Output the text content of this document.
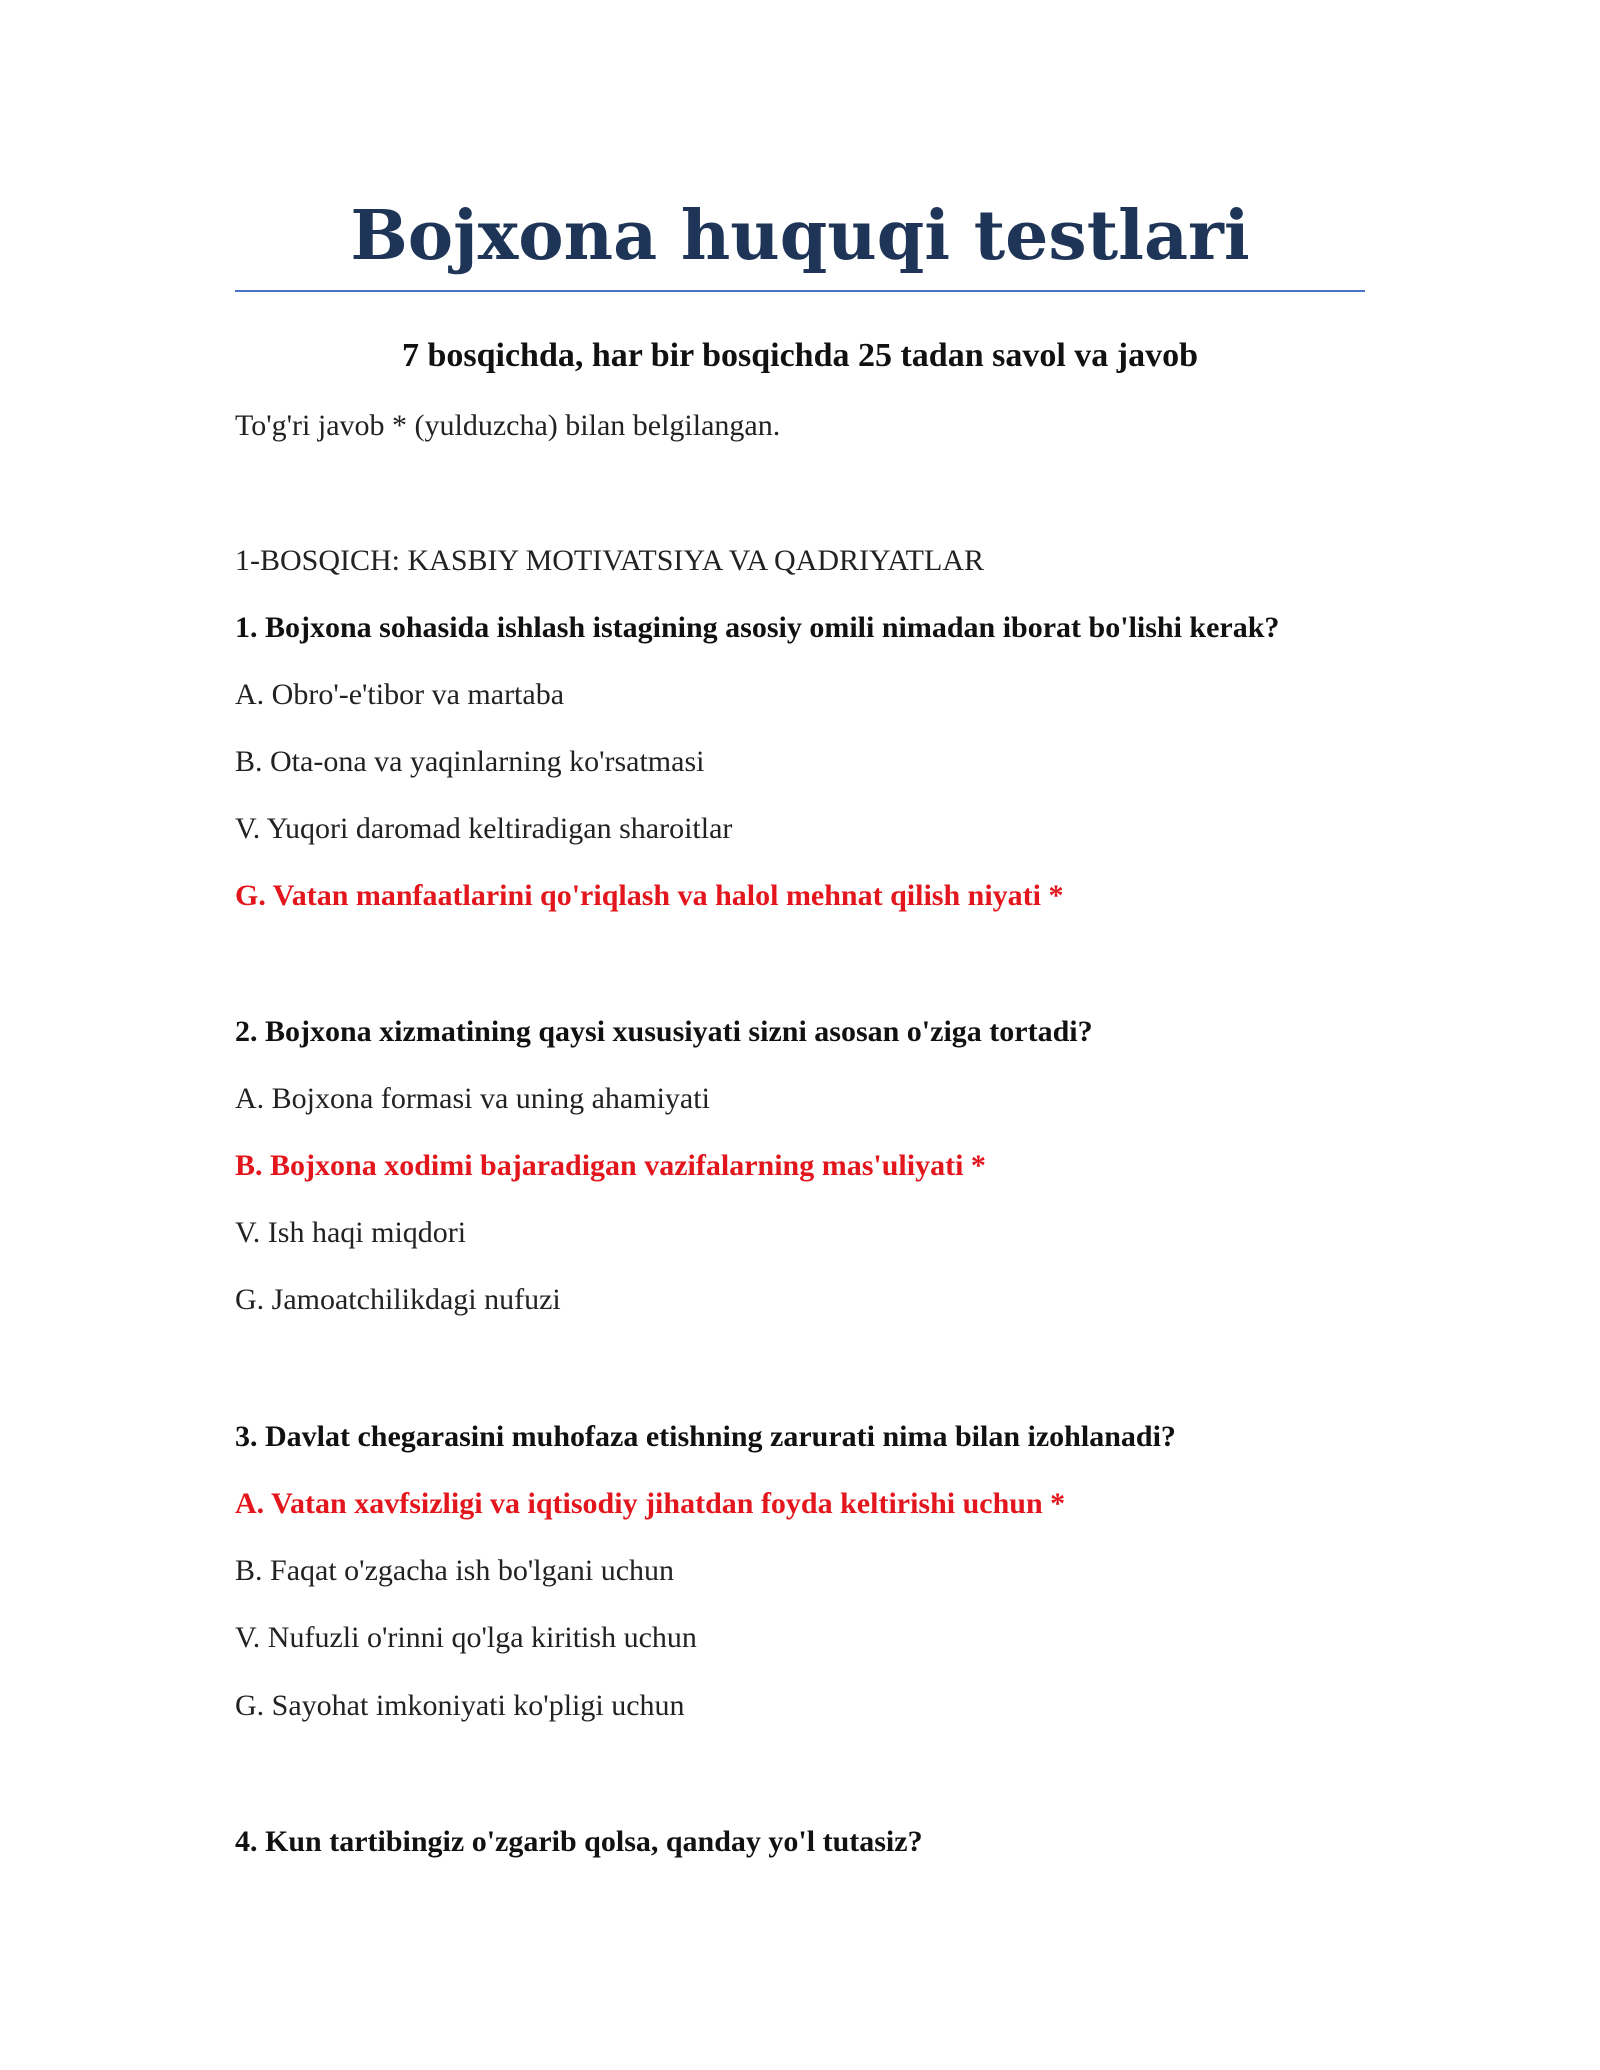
Bojxona huquqi testlari
7 bosqichda, har bir bosqichda 25 tadan savol va javob
To'g'ri javob * (yulduzcha) bilan belgilangan.
1-BOSQICH: KASBIY MOTIVATSIYA VA QADRIYATLAR
1. Bojxona sohasida ishlash istagining asosiy omili nimadan iborat bo'lishi kerak?
A. Obro'-e'tibor va martaba
B. Ota-ona va yaqinlarning ko'rsatmasi
V. Yuqori daromad keltiradigan sharoitlar
G. Vatan manfaatlarini qo'riqlash va halol mehnat qilish niyati *
2. Bojxona xizmatining qaysi xususiyati sizni asosan o'ziga tortadi?
A. Bojxona formasi va uning ahamiyati
B. Bojxona xodimi bajaradigan vazifalarning mas'uliyati *
V. Ish haqi miqdori
G. Jamoatchilikdagi nufuzi
3. Davlat chegarasini muhofaza etishning zarurati nima bilan izohlanadi?
A. Vatan xavfsizligi va iqtisodiy jihatdan foyda keltirishi uchun *
B. Faqat o'zgacha ish bo'lgani uchun
V. Nufuzli o'rinni qo'lga kiritish uchun
G. Sayohat imkoniyati ko'pligi uchun
4. Kun tartibingiz o'zgarib qolsa, qanday yo'l tutasiz?
